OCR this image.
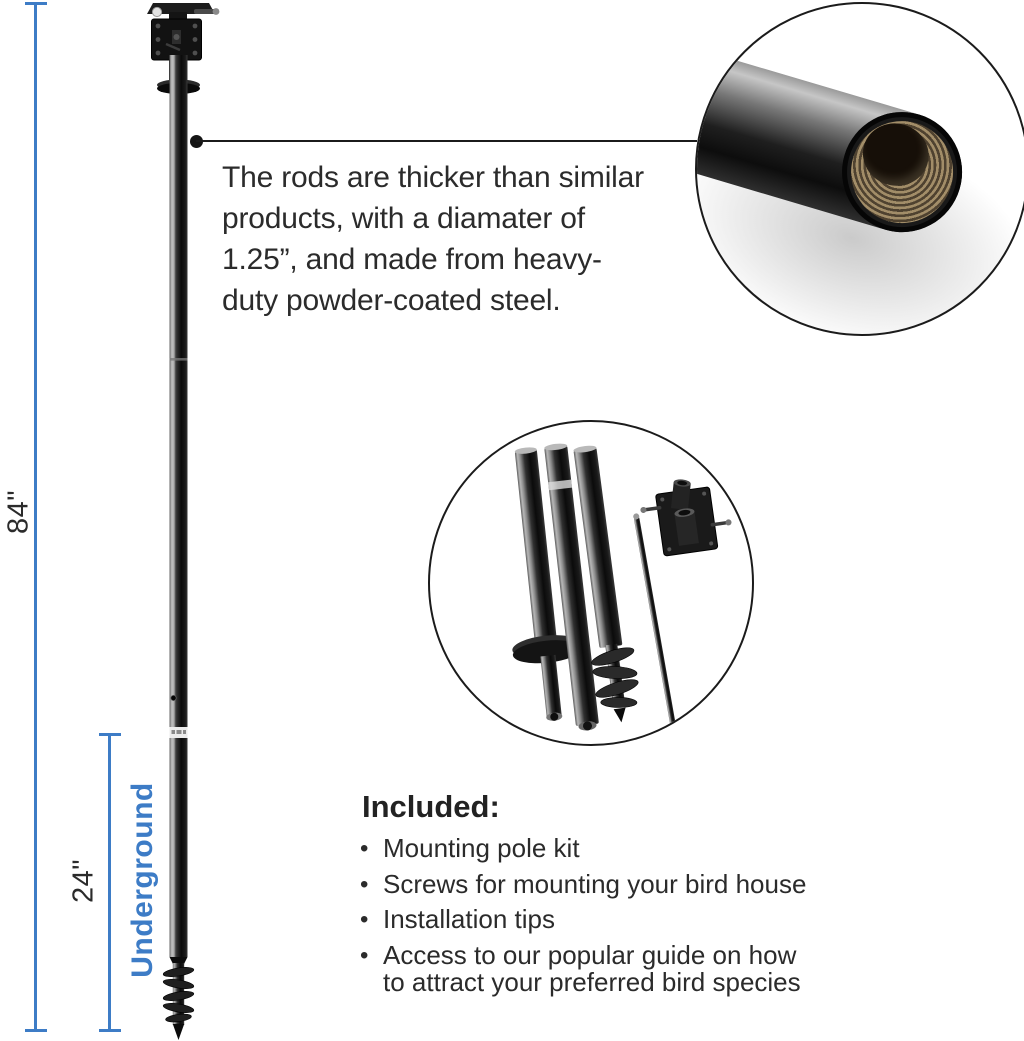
84"
24" Underground
The rods are thicker than similar
products, with a diamater of
1.25”, and made from heavy-
duty powder-coated steel.
Included:
• Mounting pole kit
• Screws for mounting your bird house
• Installation tips
• Access to our popular guide on how
to attract your preferred bird species
